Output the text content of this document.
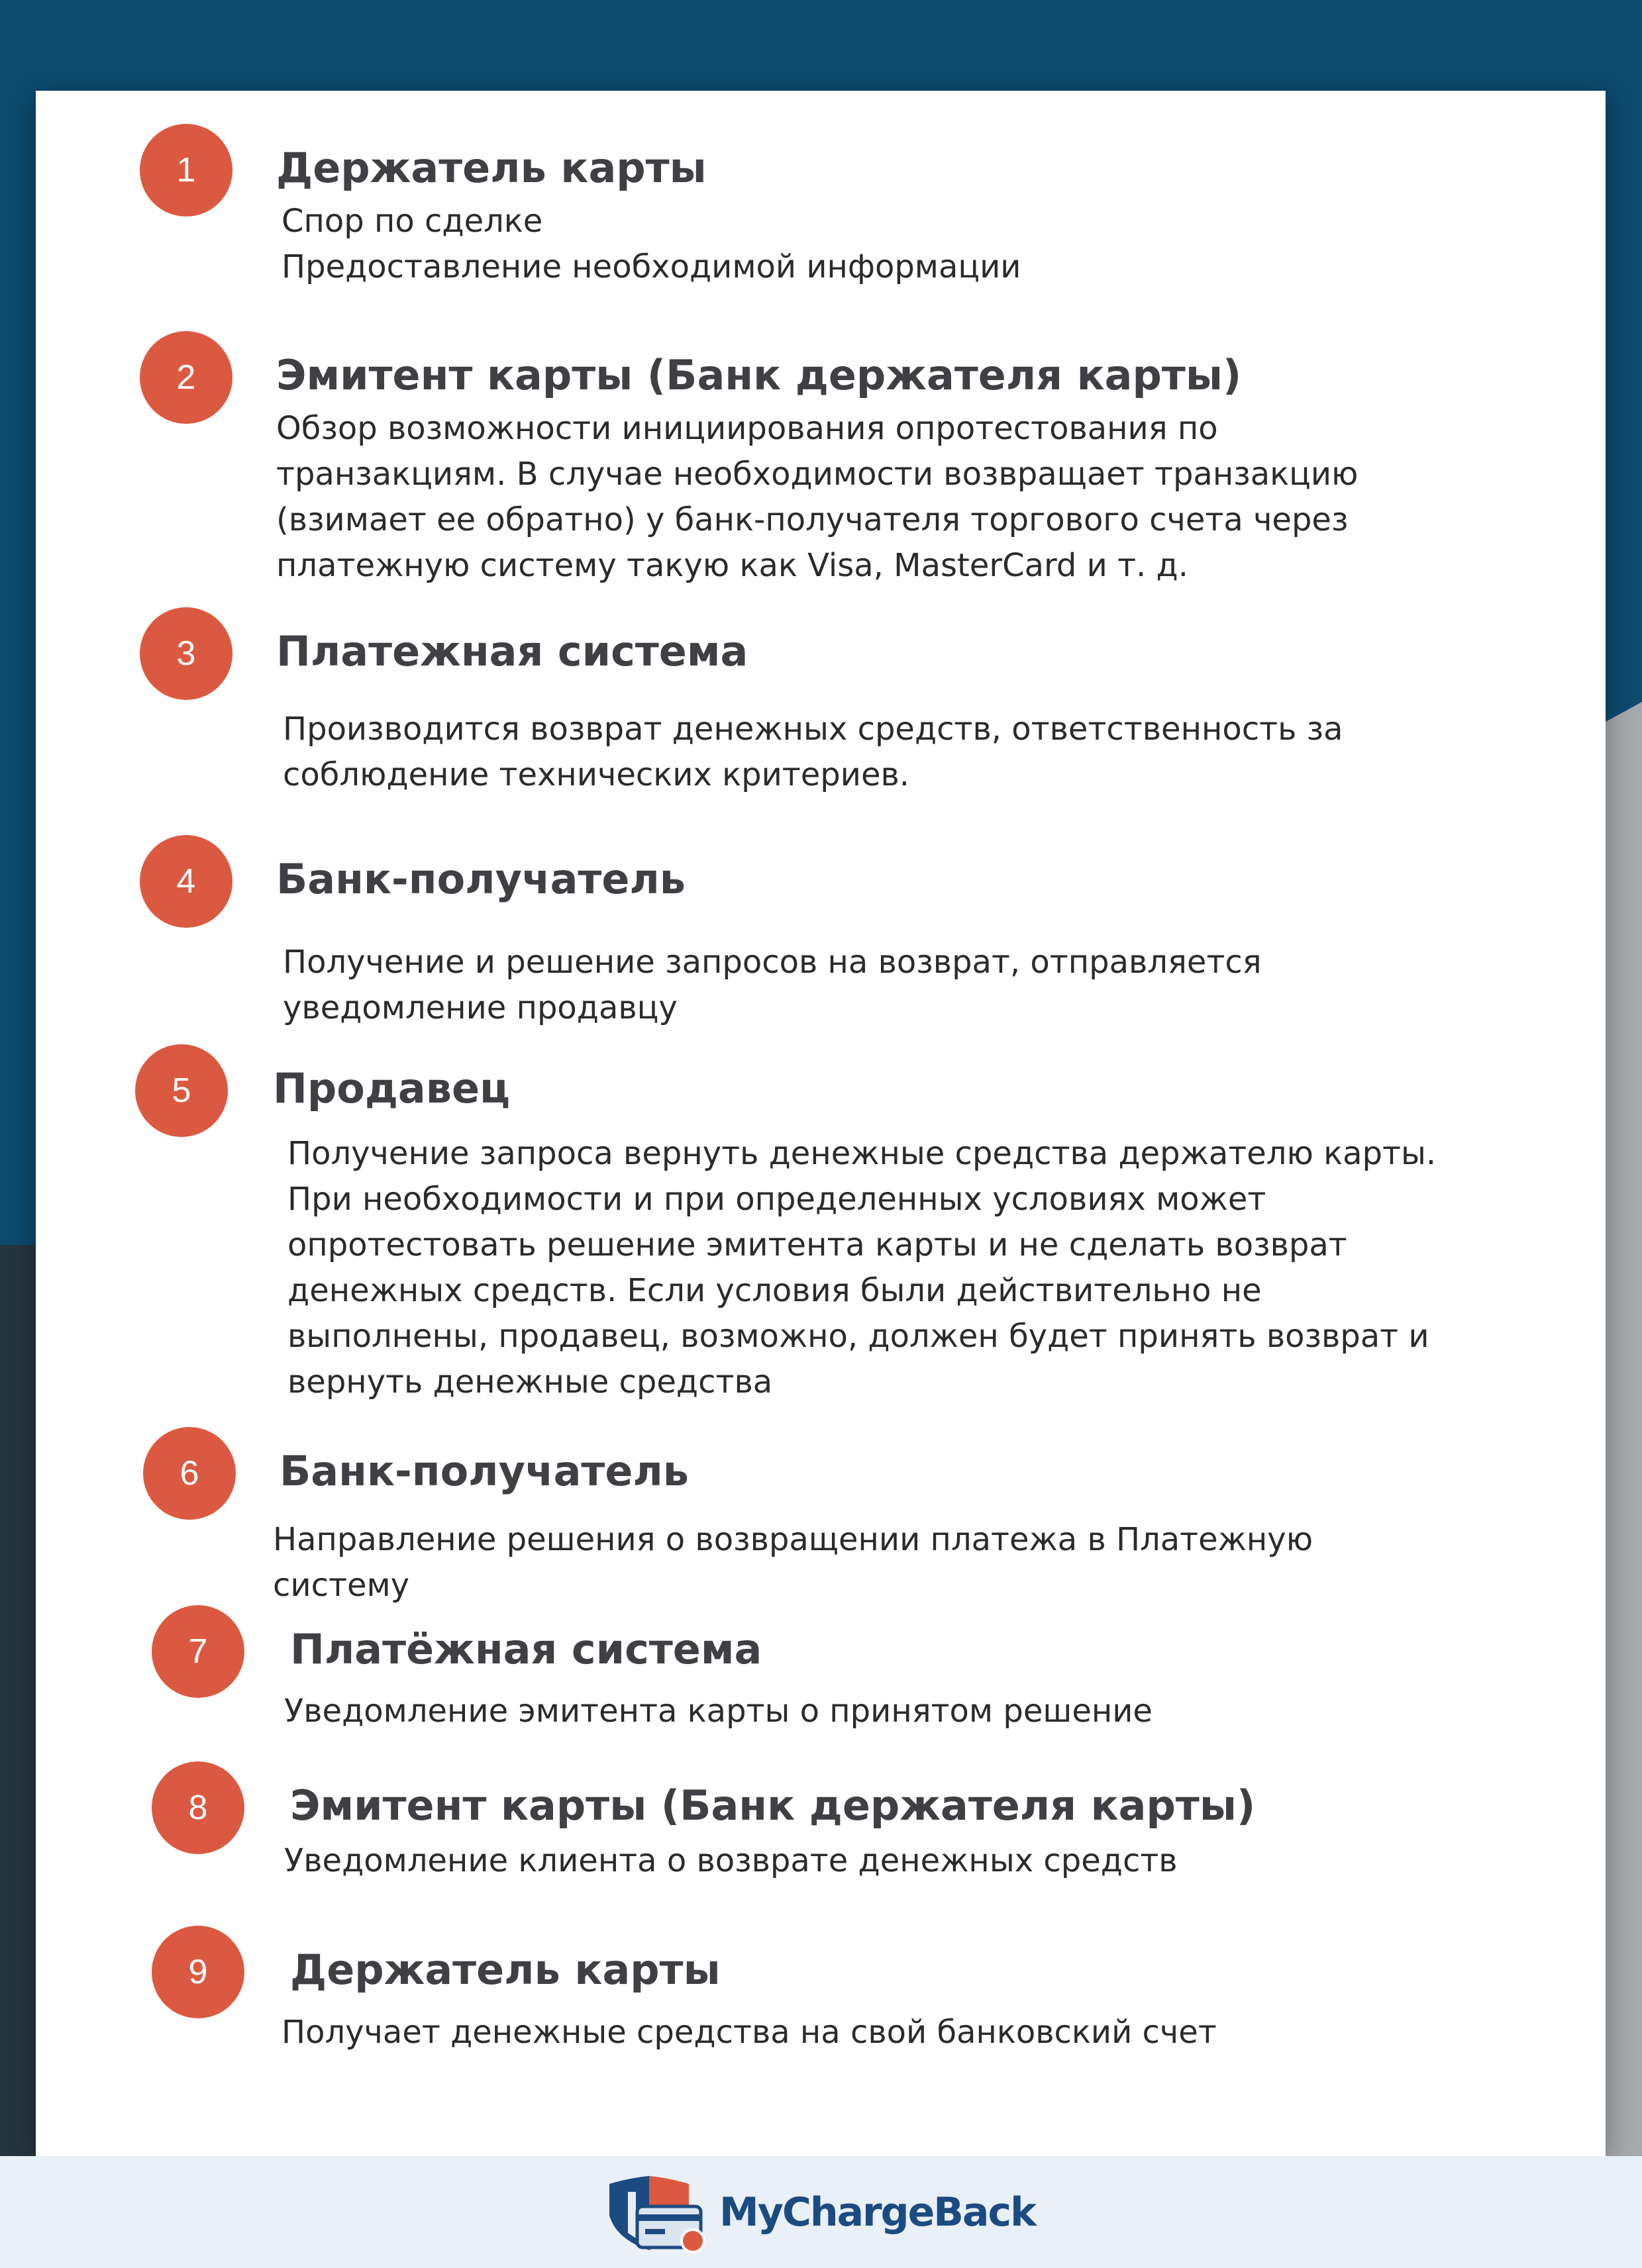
1	Держатель карты

Спор по сделке
Предоставление необходимой информации

2	Эмитент карты (Банк держателя карты)

Обзор возможности инициирования опротестования по
транзакциям. В случае необходимости возвращает транзакцию
(взимает ее обратно) у банк-получателя торгового счета через
платежную систему такую как Visa, MasterCard и т. д.

3	Платежная система

Производится возврат денежных средств, ответственность за
соблюдение технических критериев.

4	Банк-получатель

Получение и решение запросов на возврат, отправляется
уведомление продавцу

5	Продавец

Получение запроса вернуть денежные средства держателю карты.
При необходимости и при определенных условиях может
опротестовать решение эмитента карты и не сделать возврат
денежных средств. Если условия были действительно не
выполнены, продавец, возможно, должен будет принять возврат и
вернуть денежные средства

6	Банк-получатель

Направление решения о возвращении платежа в Платежную
систему

7	Платёжная система

Уведомление эмитента карты о принятом решение

8	Эмитент карты (Банк держателя карты)

Уведомление клиента о возврате денежных средств

9	Держатель карты

Получает денежные средства на свой банковский счет

MyChargeBack
